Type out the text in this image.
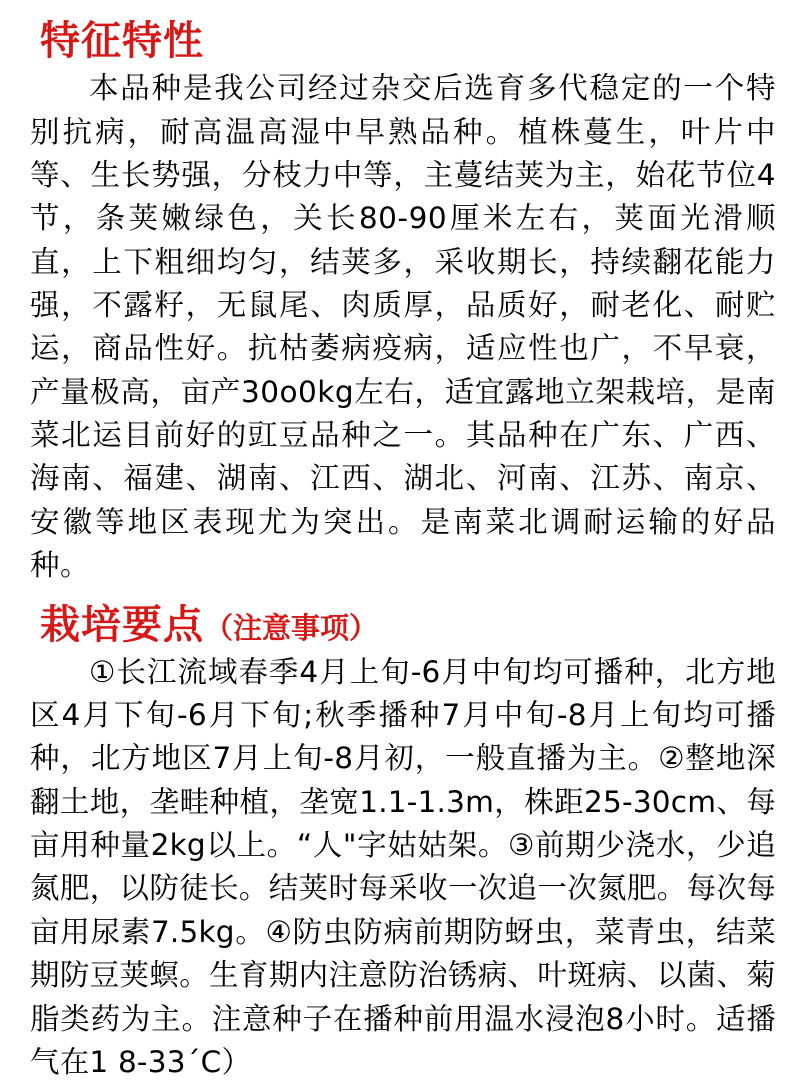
特征特性

本品种是我公司经过杂交后选育多代稳定的一个特别抗病，耐高温高湿中早熟品种。植株蔓生，叶片中等、生长势强，分枝力中等，主蔓结荚为主，始花节位4节，条荚嫩绿色，关长80-90厘米左右，荚面光滑顺直，上下粗细均匀，结荚多，采收期长，持续翻花能力强，不露籽，无鼠尾、肉质厚，品质好，耐老化、耐贮运，商品性好。抗枯萎病疫病，适应性也广，不早衰，产量极高，亩产30o0kg左右，适宜露地立架栽培，是南菜北运目前好的豇豆品种之一。其品种在广东、广西、海南、福建、湖南、江西、湖北、河南、江苏、南京、安徽等地区表现尤为突出。是南菜北调耐运输的好品种。

栽培要点（注意事项）

①长江流域春季4月上旬-6月中旬均可播种，北方地区4月下旬-6月下旬;秋季播种7月中旬-8月上旬均可播种，北方地区7月上旬-8月初，一般直播为主。②整地深翻土地，垄畦种植，垄宽1.1-1.3m，株距25-30cm、每亩用种量2kg以上。“人"字姑姑架。③前期少浇水，少追氮肥，以防徒长。结荚时每采收一次追一次氮肥。每次每亩用尿素7.5kg。④防虫防病前期防蚜虫，菜青虫，结菜期防豆荚螟。生育期内注意防治锈病、叶斑病、以菌、菊脂类药为主。注意种子在播种前用温水浸泡8小时。适播气在1 8-33´C）
